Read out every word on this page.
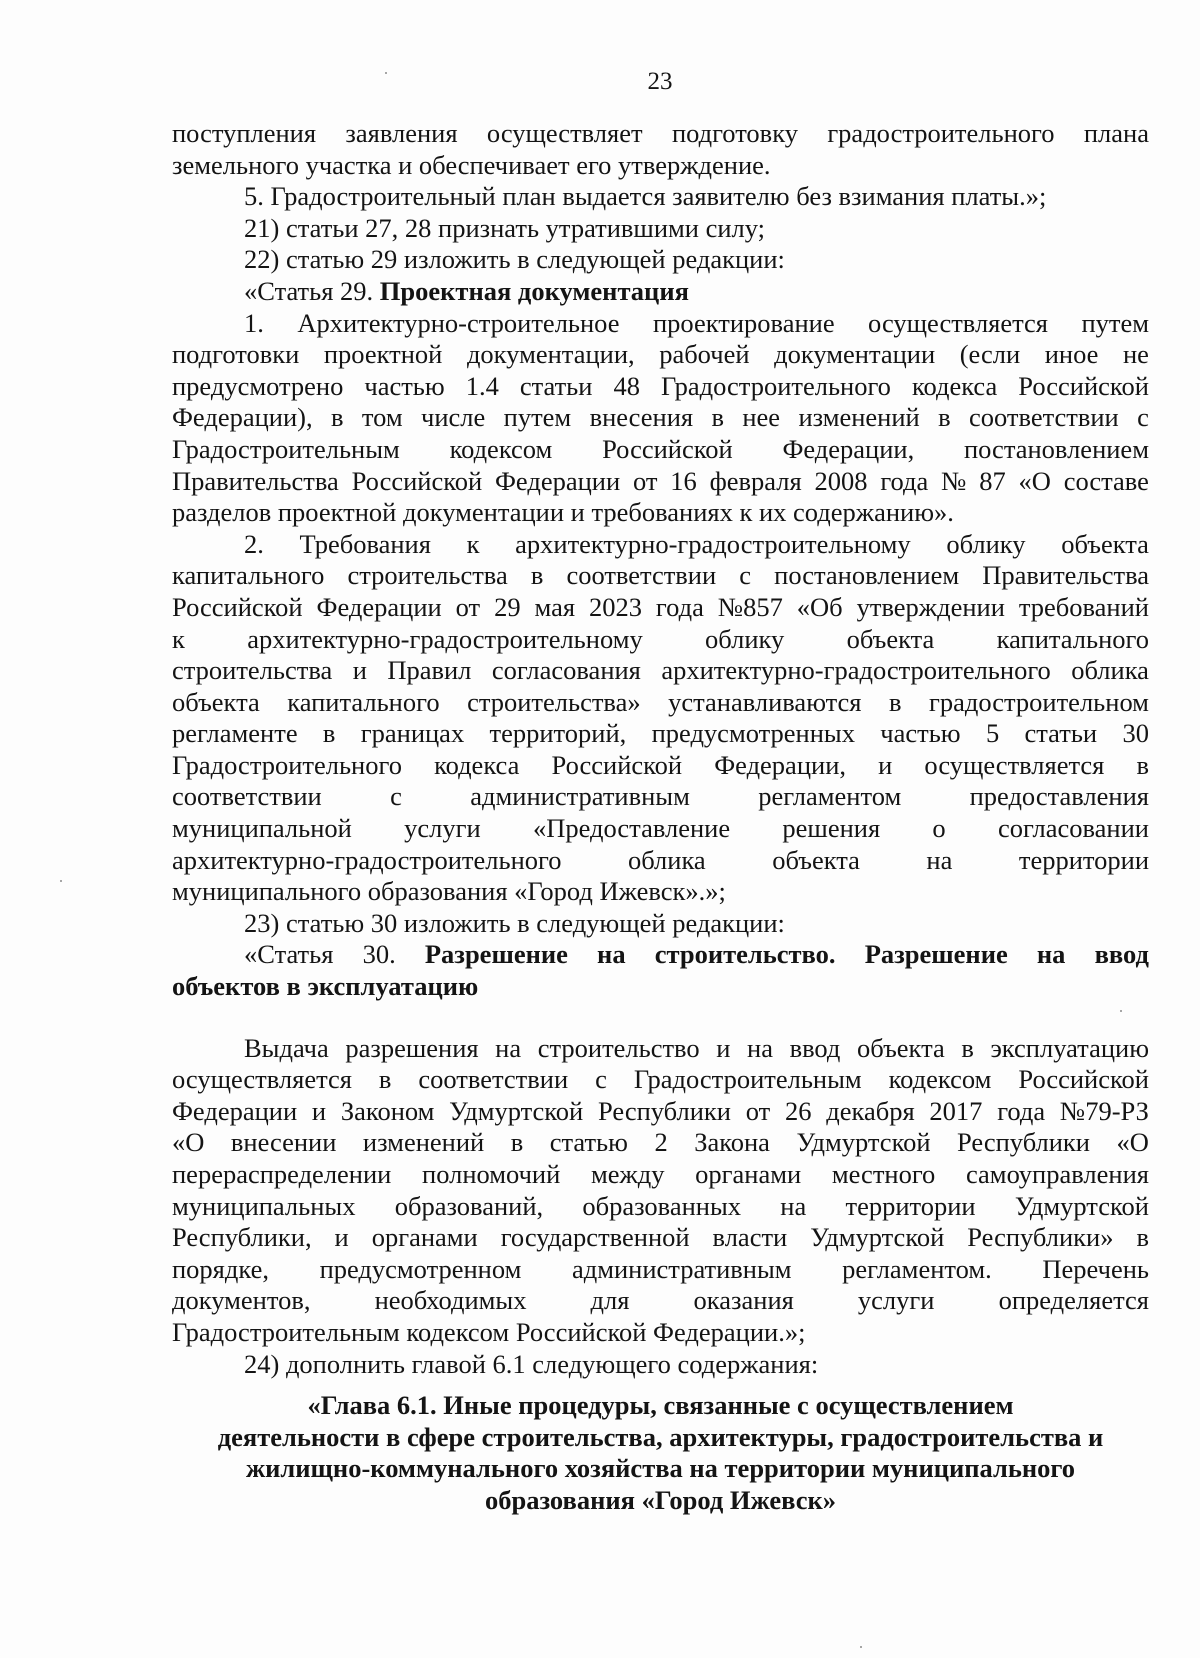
23
поступления заявления осуществляет подготовку градостроительного плана
земельного участка и обеспечивает его утверждение.
5. Градостроительный план выдается заявителю без взимания платы.»;
21) статьи 27, 28 признать утратившими силу;
22) статью 29 изложить в следующей редакции:
«Статья 29. Проектная документация
1. Архитектурно-строительное проектирование осуществляется путем
подготовки проектной документации, рабочей документации (если иное не
предусмотрено частью 1.4 статьи 48 Градостроительного кодекса Российской
Федерации), в том числе путем внесения в нее изменений в соответствии с
Градостроительным кодексом Российской Федерации, постановлением
Правительства Российской Федерации от 16 февраля 2008 года № 87 «О составе
разделов проектной документации и требованиях к их содержанию».
2. Требования к архитектурно-градостроительному облику объекта
капитального строительства в соответствии с постановлением Правительства
Российской Федерации от 29 мая 2023 года №857 «Об утверждении требований
к архитектурно-градостроительному облику объекта капитального
строительства и Правил согласования архитектурно-градостроительного облика
объекта капитального строительства» устанавливаются в градостроительном
регламенте в границах территорий, предусмотренных частью 5 статьи 30
Градостроительного кодекса Российской Федерации, и осуществляется в
соответствии	с	административным	регламентом	предоставления
муниципальной услуги «Предоставление решения о согласовании
архитектурно-градостроительного	облика	объекта	на	территории
муниципального образования «Город Ижевск».»;
23) статью 30 изложить в следующей редакции:
«Статья 30. Разрешение на строительство. Разрешение на ввод
объектов в эксплуатацию
Выдача разрешения на строительство и на ввод объекта в эксплуатацию
осуществляется в соответствии с Градостроительным кодексом Российской
Федерации и Законом Удмуртской Республики от 26 декабря 2017 года №79-РЗ
«О внесении изменений в статью 2 Закона Удмуртской Республики «О
перераспределении полномочий между органами местного самоуправления
муниципальных образований, образованных на территории Удмуртской
Республики, и органами государственной власти Удмуртской Республики» в
порядке, предусмотренном административным регламентом. Перечень
документов, необходимых для оказания услуги определяется
Градостроительным кодексом Российской Федерации.»;
24) дополнить главой 6.1 следующего содержания:
«Глава 6.1. Иные процедуры, связанные с осуществлением
деятельности в сфере строительства, архитектуры, градостроительства и
жилищно-коммунального хозяйства на территории муниципального
образования «Город Ижевск»
